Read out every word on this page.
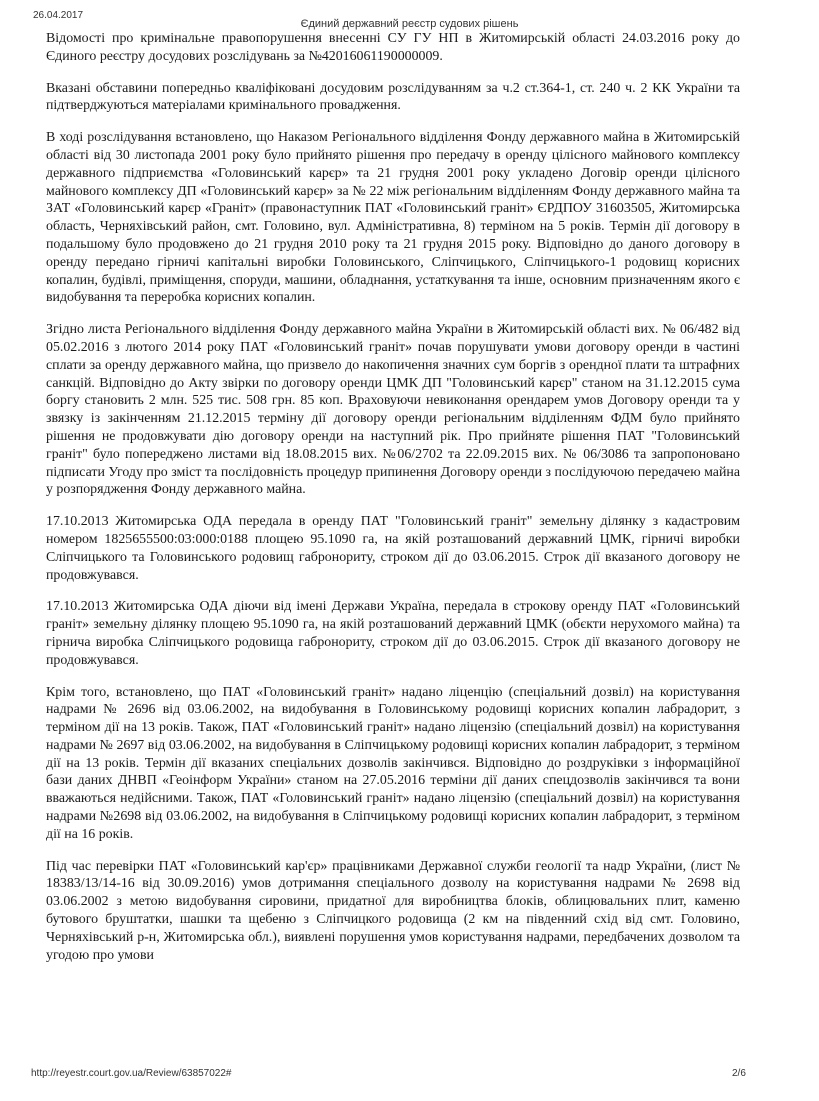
26.04.2017
Єдиний державний реєстр судових рішень

Відомості про кримінальне правопорушення внесенні СУ ГУ НП в Житомирській області 24.03.2016 року до Єдиного реєстру досудових розслідувань за №42016061190000009.

Вказані обставини попередньо кваліфіковані досудовим розслідуванням за ч.2 ст.364-1, ст. 240 ч. 2 КК України та підтверджуються матеріалами кримінального провадження.

В ході розслідування встановлено, що Наказом Регіонального відділення Фонду державного майна в Житомирській області від 30 листопада 2001 року було прийнято рішення про передачу в оренду цілісного майнового комплексу державного підприємства «Головинський карєр» та 21 грудня 2001 року укладено Договір оренди цілісного майнового комплексу ДП «Головинський карєр» за № 22 між регіональним відділенням Фонду державного майна та ЗАТ «Головинський карєр «Граніт» (правонаступник ПАТ «Головинський граніт» ЄРДПОУ 31603505, Житомирська область, Черняхівський район, смт. Головино, вул. Адміністративна, 8) терміном на 5 років. Термін дії договору в подальшому було продовжено до 21 грудня 2010 року та 21 грудня 2015 року. Відповідно до даного договору в оренду передано гірничі капітальні виробки Головинського, Сліпчицького, Сліпчицького-1 родовищ корисних копалин, будівлі, приміщення, споруди, машини, обладнання, устаткування та інше, основним призначенням якого є видобування та переробка корисних копалин.

Згідно листа Регіонального відділення Фонду державного майна України в Житомирській області вих. № 06/482 від 05.02.2016 з лютого 2014 року ПАТ «Головинський граніт» почав порушувати умови договору оренди в частині сплати за оренду державного майна, що призвело до накопичення значних сум боргів з орендної плати та штрафних санкцій. Відповідно до Акту звірки по договору оренди ЦМК ДП "Головинський карєр" станом на 31.12.2015 сума боргу становить 2 млн. 525 тис. 508 грн. 85 коп. Враховуючи невиконання орендарем умов Договору оренди та у звязку із закінченням 21.12.2015 терміну дії договору оренди регіональним відділенням ФДМ було прийнято рішення не продовжувати дію договору оренди на наступний рік. Про прийняте рішення ПАТ "Головинський граніт" було попереджено листами від 18.08.2015 вих. №06/2702 та 22.09.2015 вих. № 06/3086 та запропоновано підписати Угоду про зміст та послідовність процедур припинення Договору оренди з послідуючою передачею майна у розпорядження Фонду державного майна.

17.10.2013 Житомирська ОДА передала в оренду ПАТ "Головинський граніт" земельну ділянку з кадастровим номером 1825655500:03:000:0188 площею 95.1090 га, на якій розташований державний ЦМК, гірничі виробки Сліпчицького та Головинського родовищ габронориту, строком дії до 03.06.2015. Строк дії вказаного договору не продовжувався.

17.10.2013 Житомирська ОДА діючи від імені Держави Україна, передала в строкову оренду ПАТ «Головинський граніт» земельну ділянку площею 95.1090 га, на якій розташований державний ЦМК (обєкти нерухомого майна) та гірнича виробка Сліпчицького родовища габронориту, строком дії до 03.06.2015. Строк дії вказаного договору не продовжувався.

Крім того, встановлено, що ПАТ «Головинський граніт» надано ліценцію (спеціальний дозвіл) на користування надрами № 2696 від 03.06.2002, на видобування в Головинському родовищі корисних копалин лабрадорит, з терміном дії на 13 років. Також, ПАТ «Головинський граніт» надано ліцензію (спеціальний дозвіл) на користування надрами № 2697 від 03.06.2002, на видобування в Сліпчицькому родовищі корисних копалин лабрадорит, з терміном дії на 13 років. Термін дії вказаних спеціальних дозволів закінчився. Відповідно до роздруківки з інформаційної бази даних ДНВП «Геоінформ України» станом на 27.05.2016 терміни дії даних спецдозволів закінчився та вони вважаються недійсними. Також, ПАТ «Головинський граніт» надано ліцензію (спеціальний дозвіл) на користування надрами №2698 від 03.06.2002, на видобування в Сліпчицькому родовищі корисних копалин лабрадорит, з терміном дії на 16 років.

Під час перевірки ПАТ «Головинський кар'єр» працівниками Державної служби геології та надр України, (лист № 18383/13/14-16 від 30.09.2016) умов дотримання спеціального дозволу на користування надрами № 2698 від 03.06.2002 з метою видобування сировини, придатної для виробництва блоків, облицювальних плит, каменю бутового бруштатки, шашки та щебеню з Сліпчицкого родовища (2 км на південний схід від смт. Головино, Черняхівський р-н, Житомирська обл.), виявлені порушення умов користування надрами, передбачених дозволом та угодою про умови

http://reyestr.court.gov.ua/Review/63857022#	2/6
